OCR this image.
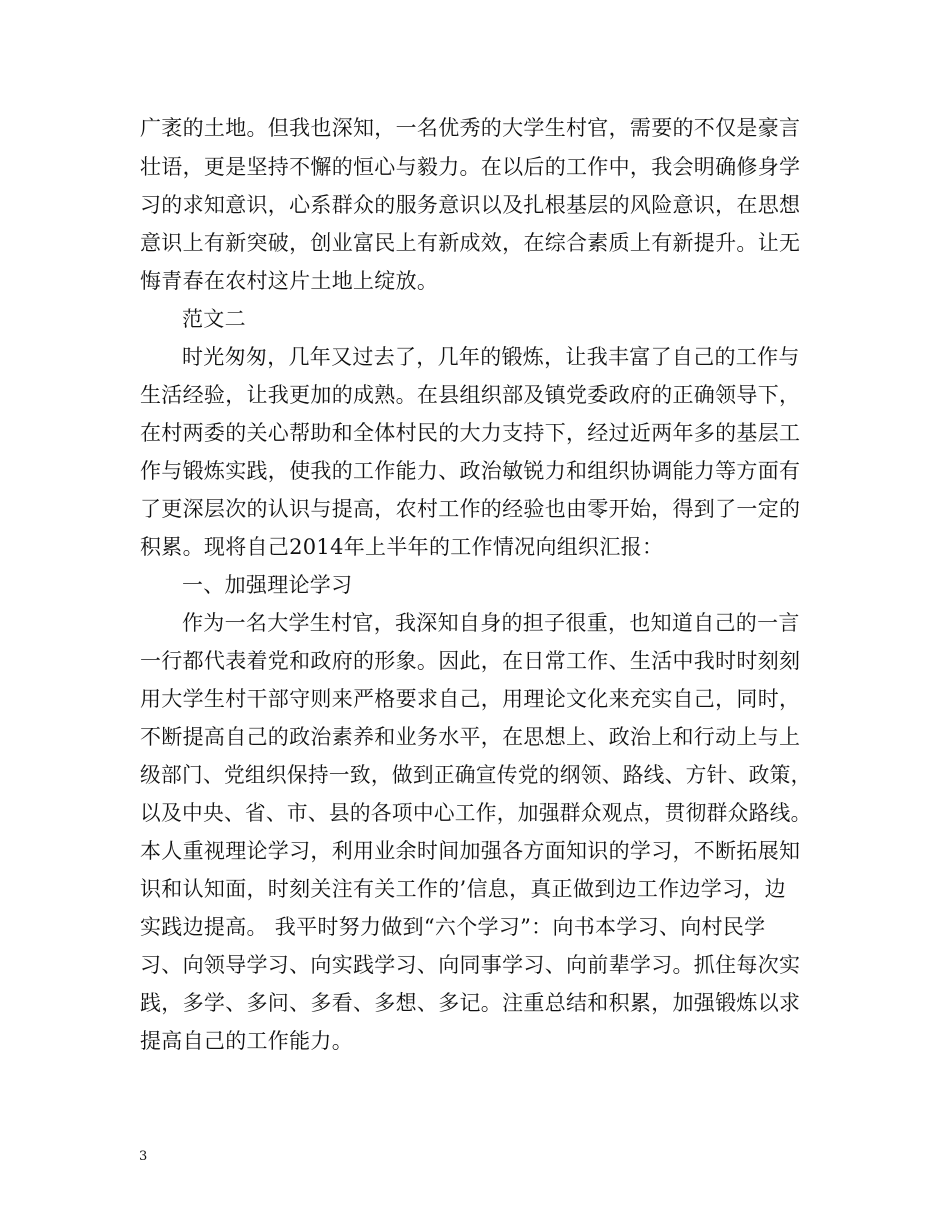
广袤的土地。但我也深知，一名优秀的大学生村官，需要的不仅是豪言
壮语，更是坚持不懈的恒心与毅力。在以后的工作中，我会明确修身学
习的求知意识，心系群众的服务意识以及扎根基层的风险意识，在思想
意识上有新突破，创业富民上有新成效，在综合素质上有新提升。让无
悔青春在农村这片土地上绽放。
范文二
时光匆匆，几年又过去了，几年的锻炼，让我丰富了自己的工作与
生活经验，让我更加的成熟。在县组织部及镇党委政府的正确领导下，
在村两委的关心帮助和全体村民的大力支持下，经过近两年多的基层工
作与锻炼实践，使我的工作能力、政治敏锐力和组织协调能力等方面有
了更深层次的认识与提高，农村工作的经验也由零开始，得到了一定的
积累。现将自己2014年上半年的工作情况向组织汇报：
一、加强理论学习
作为一名大学生村官，我深知自身的担子很重，也知道自己的一言
一行都代表着党和政府的形象。因此，在日常工作、生活中我时时刻刻
用大学生村干部守则来严格要求自己，用理论文化来充实自己，同时，
不断提高自己的政治素养和业务水平，在思想上、政治上和行动上与上
级部门、党组织保持一致，做到正确宣传党的纲领、路线、方针、政策，
以及中央、省、市、县的各项中心工作，加强群众观点，贯彻群众路线。
本人重视理论学习，利用业余时间加强各方面知识的学习，不断拓展知
识和认知面，时刻关注有关工作的’信息，真正做到边工作边学习，边
实践边提高。 我平时努力做到“六个学习”：向书本学习、向村民学
习、向领导学习、向实践学习、向同事学习、向前辈学习。抓住每次实
践，多学、多问、多看、多想、多记。注重总结和积累，加强锻炼以求
提高自己的工作能力。
3
